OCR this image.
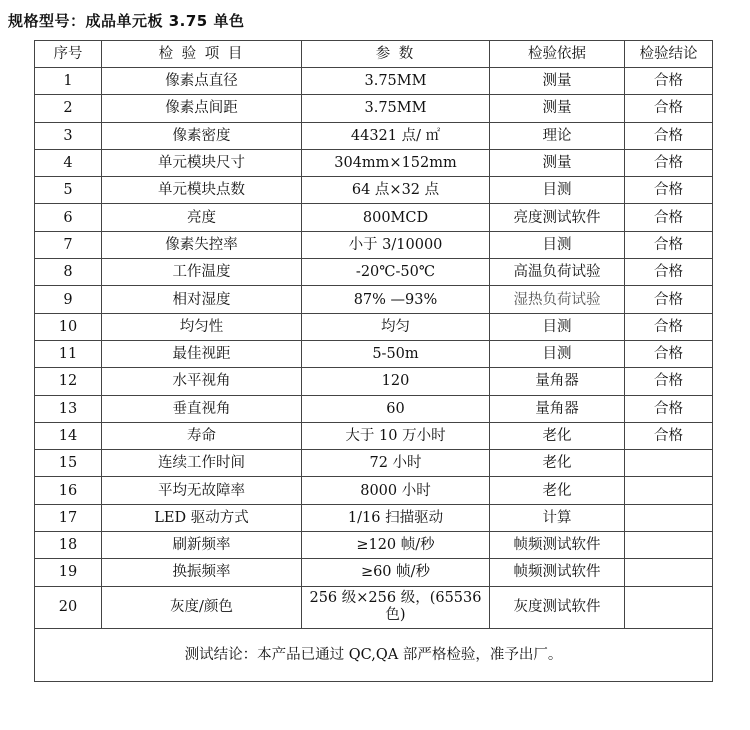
规格型号：成品单元板 3.75 单色
序号	检 验 项 目	参 数	检验依据	检验结论
1	像素点直径	3.75MM	测量	合格
2	像素点间距	3.75MM	测量	合格
3	像素密度	44321 点/ ㎡	理论	合格
4	单元模块尺寸	304mm×152mm	测量	合格
5	单元模块点数	64 点×32 点	目测	合格
6	亮度	800MCD	亮度测试软件	合格
7	像素失控率	小于 3/10000	目测	合格
8	工作温度	-20℃-50℃	高温负荷试验	合格
9	相对湿度	87% —93%	湿热负荷试验	合格
10	均匀性	均匀	目测	合格
11	最佳视距	5-50m	目测	合格
12	水平视角	120	量角器	合格
13	垂直视角	60	量角器	合格
14	寿命	大于 10 万小时	老化	合格
15	连续工作时间	72 小时	老化	
16	平均无故障率	8000 小时	老化	
17	LED 驱动方式	1/16 扫描驱动	计算	
18	刷新频率	≥120 帧/秒	帧频测试软件	
19	换振频率	≥60 帧/秒	帧频测试软件	
20	灰度/颜色	256 级×256 级，(65536 色)	灰度测试软件	
测试结论：本产品已通过 QC,QA 部严格检验，准予出厂。				
